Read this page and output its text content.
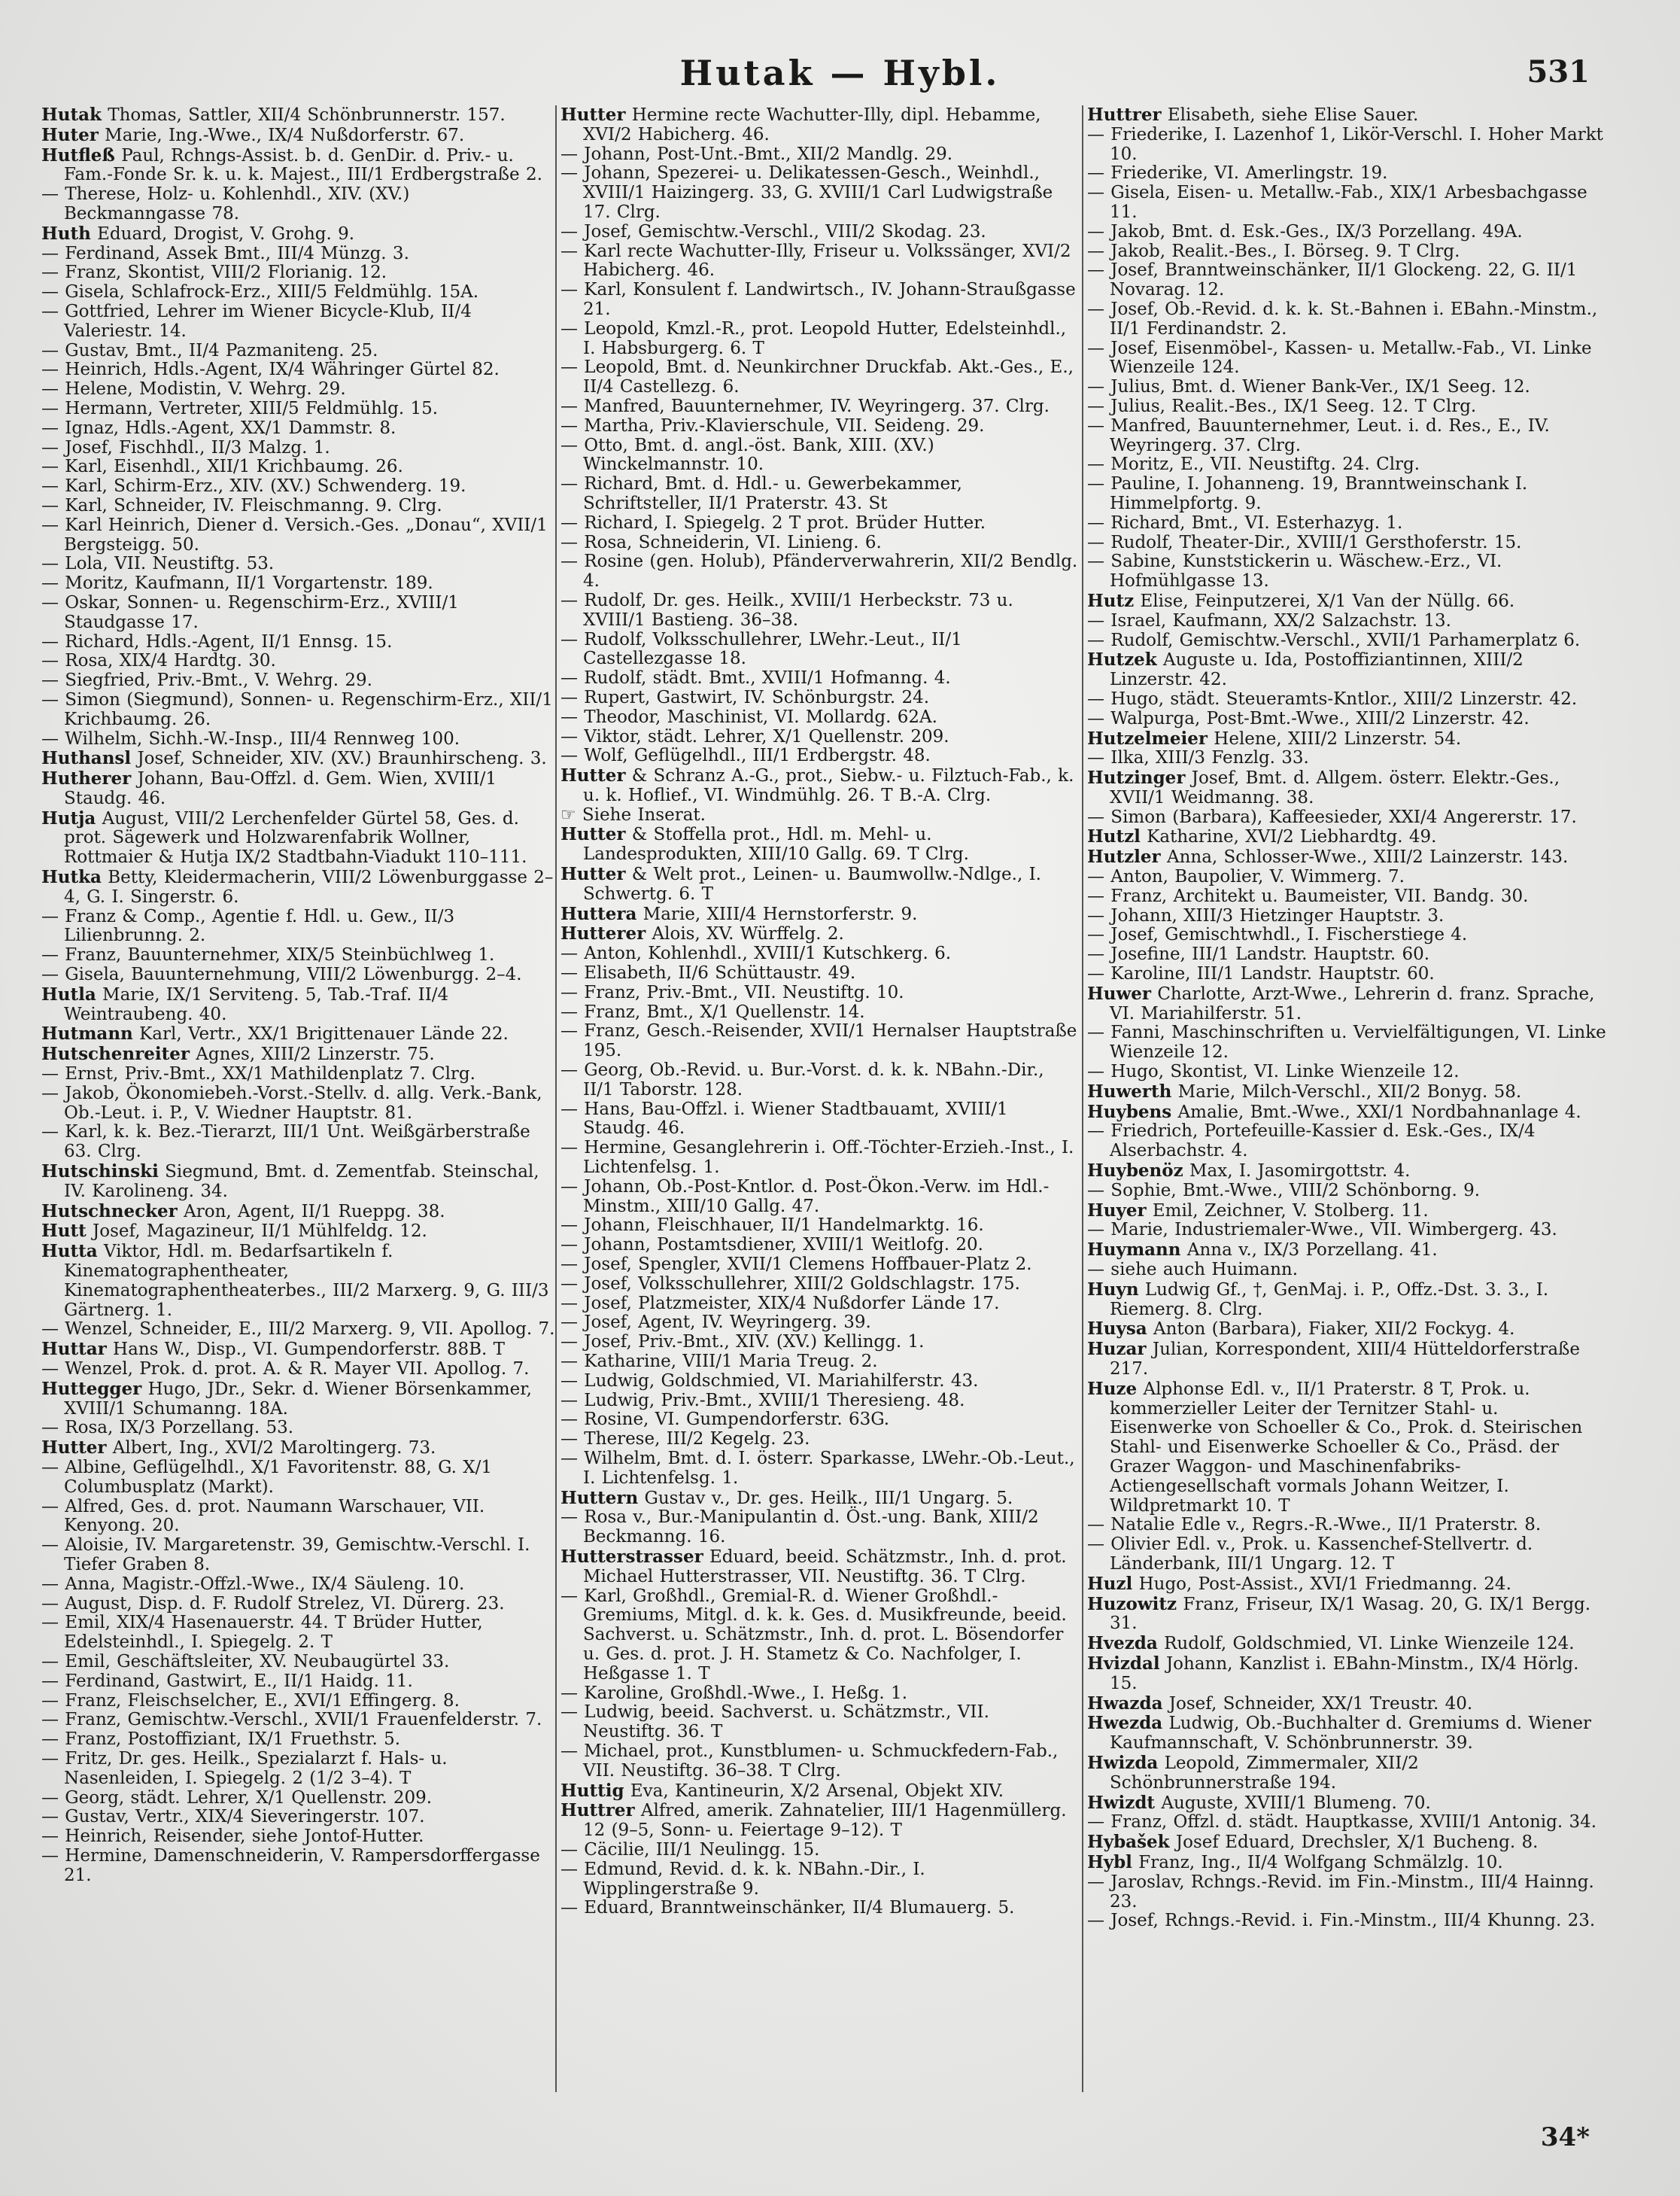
Hutak — Hybl.	531

Hutak Thomas, Sattler, XII/4 Schönbrunnerstr. 157.

Huter Marie, Ing.-Wwe., IX/4 Nußdorferstr. 67.

Hutfleß Paul, Rchngs-Assist. b. d. GenDir. d. Priv.- u. Fam.-Fonde Sr. k. u. k. Majest., III/1 Erdbergstraße 2.

— Therese, Holz- u. Kohlenhdl., XIV. (XV.) Beckmanngasse 78.

Huth Eduard, Drogist, V. Grohg. 9.

— Ferdinand, Assek Bmt., III/4 Münzg. 3.

— Franz, Skontist, VIII/2 Florianig. 12.

— Gisela, Schlafrock-Erz., XIII/5 Feldmühlg. 15A.

— Gottfried, Lehrer im Wiener Bicycle-Klub, II/4 Valeriestr. 14.

— Gustav, Bmt., II/4 Pazmaniteng. 25.

— Heinrich, Hdls.-Agent, IX/4 Währinger Gürtel 82.

— Helene, Modistin, V. Wehrg. 29.

— Hermann, Vertreter, XIII/5 Feldmühlg. 15.

— Ignaz, Hdls.-Agent, XX/1 Dammstr. 8.

— Josef, Fischhdl., II/3 Malzg. 1.

— Karl, Eisenhdl., XII/1 Krichbaumg. 26.

— Karl, Schirm-Erz., XIV. (XV.) Schwenderg. 19.

— Karl, Schneider, IV. Fleischmanng. 9. Clrg.

— Karl Heinrich, Diener d. Versich.-Ges. „Donau“, XVII/1 Bergsteigg. 50.

— Lola, VII. Neustiftg. 53.

— Moritz, Kaufmann, II/1 Vorgartenstr. 189.

— Oskar, Sonnen- u. Regenschirm-Erz., XVIII/1 Staudgasse 17.

— Richard, Hdls.-Agent, II/1 Ennsg. 15.

— Rosa, XIX/4 Hardtg. 30.

— Siegfried, Priv.-Bmt., V. Wehrg. 29.

— Simon (Siegmund), Sonnen- u. Regenschirm-Erz., XII/1 Krichbaumg. 26.

— Wilhelm, Sichh.-W.-Insp., III/4 Rennweg 100.

Huthansl Josef, Schneider, XIV. (XV.) Braunhirscheng. 3.

Hutherer Johann, Bau-Offzl. d. Gem. Wien, XVIII/1 Staudg. 46.

Hutja August, VIII/2 Lerchenfelder Gürtel 58, Ges. d. prot. Sägewerk und Holzwarenfabrik Wollner, Rottmaier & Hutja IX/2 Stadtbahn-Viadukt 110–111.

Hutka Betty, Kleidermacherin, VIII/2 Löwenburggasse 2–4, G. I. Singerstr. 6.

— Franz & Comp., Agentie f. Hdl. u. Gew., II/3 Lilienbrunng. 2.

— Franz, Bauunternehmer, XIX/5 Steinbüchlweg 1.

— Gisela, Bauunternehmung, VIII/2 Löwenburgg. 2–4.

Hutla Marie, IX/1 Serviteng. 5, Tab.-Traf. II/4 Weintraubeng. 40.

Hutmann Karl, Vertr., XX/1 Brigittenauer Lände 22.

Hutschenreiter Agnes, XIII/2 Linzerstr. 75.

— Ernst, Priv.-Bmt., XX/1 Mathildenplatz 7. Clrg.

— Jakob, Ökonomiebeh.-Vorst.-Stellv. d. allg. Verk.-Bank, Ob.-Leut. i. P., V. Wiedner Hauptstr. 81.

— Karl, k. k. Bez.-Tierarzt, III/1 Unt. Weißgärberstraße 63. Clrg.

Hutschinski Siegmund, Bmt. d. Zementfab. Steinschal, IV. Karolineng. 34.

Hutschnecker Aron, Agent, II/1 Rueppg. 38.

Hutt Josef, Magazineur, II/1 Mühlfeldg. 12.

Hutta Viktor, Hdl. m. Bedarfsartikeln f. Kinematographentheater, Kinematographentheaterbes., III/2 Marxerg. 9, G. III/3 Gärtnerg. 1.

— Wenzel, Schneider, E., III/2 Marxerg. 9, VII. Apollog. 7.

Huttar Hans W., Disp., VI. Gumpendorferstr. 88B. T

— Wenzel, Prok. d. prot. A. & R. Mayer VII. Apollog. 7.

Huttegger Hugo, JDr., Sekr. d. Wiener Börsenkammer, XVIII/1 Schumanng. 18A.

— Rosa, IX/3 Porzellang. 53.

Hutter Albert, Ing., XVI/2 Maroltingerg. 73.

— Albine, Geflügelhdl., X/1 Favoritenstr. 88, G. X/1 Columbusplatz (Markt).

— Alfred, Ges. d. prot. Naumann Warschauer, VII. Kenyong. 20.

— Aloisie, IV. Margaretenstr. 39, Gemischtw.-Verschl. I. Tiefer Graben 8.

— Anna, Magistr.-Offzl.-Wwe., IX/4 Säuleng. 10.

— August, Disp. d. F. Rudolf Strelez, VI. Dürerg. 23.

— Emil, XIX/4 Hasenauerstr. 44. T Brüder Hutter, Edelsteinhdl., I. Spiegelg. 2. T

— Emil, Geschäftsleiter, XV. Neubaugürtel 33.

— Ferdinand, Gastwirt, E., II/1 Haidg. 11.

— Franz, Fleischselcher, E., XVI/1 Effingerg. 8.

— Franz, Gemischtw.-Verschl., XVII/1 Frauenfelderstr. 7.

— Franz, Postoffiziant, IX/1 Fruethstr. 5.

— Fritz, Dr. ges. Heilk., Spezialarzt f. Hals- u. Nasenleiden, I. Spiegelg. 2 (1/2 3–4). T

— Georg, städt. Lehrer, X/1 Quellenstr. 209.

— Gustav, Vertr., XIX/4 Sieveringerstr. 107.

— Heinrich, Reisender, siehe Jontof-Hutter.

— Hermine, Damenschneiderin, V. Rampersdorffergasse 21.

Hutter Hermine recte Wachutter-Illy, dipl. Hebamme, XVI/2 Habicherg. 46.

— Johann, Post-Unt.-Bmt., XII/2 Mandlg. 29.

— Johann, Spezerei- u. Delikatessen-Gesch., Weinhdl., XVIII/1 Haizingerg. 33, G. XVIII/1 Carl Ludwigstraße 17. Clrg.

— Josef, Gemischtw.-Verschl., VIII/2 Skodag. 23.

— Karl recte Wachutter-Illy, Friseur u. Volkssänger, XVI/2 Habicherg. 46.

— Karl, Konsulent f. Landwirtsch., IV. Johann-Straußgasse 21.

— Leopold, Kmzl.-R., prot. Leopold Hutter, Edelsteinhdl., I. Habsburgerg. 6. T

— Leopold, Bmt. d. Neunkirchner Druckfab. Akt.-Ges., E., II/4 Castellezg. 6.

— Manfred, Bauunternehmer, IV. Weyringerg. 37. Clrg.

— Martha, Priv.-Klavierschule, VII. Seideng. 29.

— Otto, Bmt. d. angl.-öst. Bank, XIII. (XV.) Winckelmannstr. 10.

— Richard, Bmt. d. Hdl.- u. Gewerbekammer, Schriftsteller, II/1 Praterstr. 43. St

— Richard, I. Spiegelg. 2 T prot. Brüder Hutter.

— Rosa, Schneiderin, VI. Linieng. 6.

— Rosine (gen. Holub), Pfänderverwahrerin, XII/2 Bendlg. 4.

— Rudolf, Dr. ges. Heilk., XVIII/1 Herbeckstr. 73 u. XVIII/1 Bastieng. 36–38.

— Rudolf, Volksschullehrer, LWehr.-Leut., II/1 Castellezgasse 18.

— Rudolf, städt. Bmt., XVIII/1 Hofmanng. 4.

— Rupert, Gastwirt, IV. Schönburgstr. 24.

— Theodor, Maschinist, VI. Mollardg. 62A.

— Viktor, städt. Lehrer, X/1 Quellenstr. 209.

— Wolf, Geflügelhdl., III/1 Erdbergstr. 48.

Hutter & Schranz A.-G., prot., Siebw.- u. Filztuch-Fab., k. u. k. Hoflief., VI. Windmühlg. 26. T B.-A. Clrg.

☞ Siehe Inserat.

Hutter & Stoffella prot., Hdl. m. Mehl- u. Landesprodukten, XIII/10 Gallg. 69. T Clrg.

Hutter & Welt prot., Leinen- u. Baumwollw.-Ndlge., I. Schwertg. 6. T

Huttera Marie, XIII/4 Hernstorferstr. 9.

Hutterer Alois, XV. Würffelg. 2.

— Anton, Kohlenhdl., XVIII/1 Kutschkerg. 6.

— Elisabeth, II/6 Schüttaustr. 49.

— Franz, Priv.-Bmt., VII. Neustiftg. 10.

— Franz, Bmt., X/1 Quellenstr. 14.

— Franz, Gesch.-Reisender, XVII/1 Hernalser Hauptstraße 195.

— Georg, Ob.-Revid. u. Bur.-Vorst. d. k. k. NBahn.-Dir., II/1 Taborstr. 128.

— Hans, Bau-Offzl. i. Wiener Stadtbauamt, XVIII/1 Staudg. 46.

— Hermine, Gesanglehrerin i. Off.-Töchter-Erzieh.-Inst., I. Lichtenfelsg. 1.

— Johann, Ob.-Post-Kntlor. d. Post-Ökon.-Verw. im Hdl.-Minstm., XIII/10 Gallg. 47.

— Johann, Fleischhauer, II/1 Handelmarktg. 16.

— Johann, Postamtsdiener, XVIII/1 Weitlofg. 20.

— Josef, Spengler, XVII/1 Clemens Hoffbauer-Platz 2.

— Josef, Volksschullehrer, XIII/2 Goldschlagstr. 175.

— Josef, Platzmeister, XIX/4 Nußdorfer Lände 17.

— Josef, Agent, IV. Weyringerg. 39.

— Josef, Priv.-Bmt., XIV. (XV.) Kellingg. 1.

— Katharine, VIII/1 Maria Treug. 2.

— Ludwig, Goldschmied, VI. Mariahilferstr. 43.

— Ludwig, Priv.-Bmt., XVIII/1 Theresieng. 48.

— Rosine, VI. Gumpendorferstr. 63G.

— Therese, III/2 Kegelg. 23.

— Wilhelm, Bmt. d. I. österr. Sparkasse, LWehr.-Ob.-Leut., I. Lichtenfelsg. 1.

Huttern Gustav v., Dr. ges. Heilk., III/1 Ungarg. 5.

— Rosa v., Bur.-Manipulantin d. Öst.-ung. Bank, XIII/2 Beckmanng. 16.

Hutterstrasser Eduard, beeid. Schätzmstr., Inh. d. prot. Michael Hutterstrasser, VII. Neustiftg. 36. T Clrg.

— Karl, Großhdl., Gremial-R. d. Wiener Großhdl.-Gremiums, Mitgl. d. k. k. Ges. d. Musikfreunde, beeid. Sachverst. u. Schätzmstr., Inh. d. prot. L. Bösendorfer u. Ges. d. prot. J. H. Stametz & Co. Nachfolger, I. Heßgasse 1. T

— Karoline, Großhdl.-Wwe., I. Heßg. 1.

— Ludwig, beeid. Sachverst. u. Schätzmstr., VII. Neustiftg. 36. T

— Michael, prot., Kunstblumen- u. Schmuckfedern-Fab., VII. Neustiftg. 36–38. T Clrg.

Huttig Eva, Kantineurin, X/2 Arsenal, Objekt XIV.

Huttrer Alfred, amerik. Zahnatelier, III/1 Hagenmüllerg. 12 (9–5, Sonn- u. Feiertage 9–12). T

— Cäcilie, III/1 Neulingg. 15.

— Edmund, Revid. d. k. k. NBahn.-Dir., I. Wipplingerstraße 9.

— Eduard, Branntweinschänker, II/4 Blumauerg. 5.

Huttrer Elisabeth, siehe Elise Sauer.

— Friederike, I. Lazenhof 1, Likör-Verschl. I. Hoher Markt 10.

— Friederike, VI. Amerlingstr. 19.

— Gisela, Eisen- u. Metallw.-Fab., XIX/1 Arbesbachgasse 11.

— Jakob, Bmt. d. Esk.-Ges., IX/3 Porzellang. 49A.

— Jakob, Realit.-Bes., I. Börseg. 9. T Clrg.

— Josef, Branntweinschänker, II/1 Glockeng. 22, G. II/1 Novarag. 12.

— Josef, Ob.-Revid. d. k. k. St.-Bahnen i. EBahn.-Minstm., II/1 Ferdinandstr. 2.

— Josef, Eisenmöbel-, Kassen- u. Metallw.-Fab., VI. Linke Wienzeile 124.

— Julius, Bmt. d. Wiener Bank-Ver., IX/1 Seeg. 12.

— Julius, Realit.-Bes., IX/1 Seeg. 12. T Clrg.

— Manfred, Bauunternehmer, Leut. i. d. Res., E., IV. Weyringerg. 37. Clrg.

— Moritz, E., VII. Neustiftg. 24. Clrg.

— Pauline, I. Johanneng. 19, Branntweinschank I. Himmelpfortg. 9.

— Richard, Bmt., VI. Esterhazyg. 1.

— Rudolf, Theater-Dir., XVIII/1 Gersthoferstr. 15.

— Sabine, Kunststickerin u. Wäschew.-Erz., VI. Hofmühlgasse 13.

Hutz Elise, Feinputzerei, X/1 Van der Nüllg. 66.

— Israel, Kaufmann, XX/2 Salzachstr. 13.

— Rudolf, Gemischtw.-Verschl., XVII/1 Parhamerplatz 6.

Hutzek Auguste u. Ida, Postoffiziantinnen, XIII/2 Linzerstr. 42.

— Hugo, städt. Steueramts-Kntlor., XIII/2 Linzerstr. 42.

— Walpurga, Post-Bmt.-Wwe., XIII/2 Linzerstr. 42.

Hutzelmeier Helene, XIII/2 Linzerstr. 54.

— Ilka, XIII/3 Fenzlg. 33.

Hutzinger Josef, Bmt. d. Allgem. österr. Elektr.-Ges., XVII/1 Weidmanng. 38.

— Simon (Barbara), Kaffeesieder, XXI/4 Angererstr. 17.

Hutzl Katharine, XVI/2 Liebhardtg. 49.

Hutzler Anna, Schlosser-Wwe., XIII/2 Lainzerstr. 143.

— Anton, Baupolier, V. Wimmerg. 7.

— Franz, Architekt u. Baumeister, VII. Bandg. 30.

— Johann, XIII/3 Hietzinger Hauptstr. 3.

— Josef, Gemischtwhdl., I. Fischerstiege 4.

— Josefine, III/1 Landstr. Hauptstr. 60.

— Karoline, III/1 Landstr. Hauptstr. 60.

Huwer Charlotte, Arzt-Wwe., Lehrerin d. franz. Sprache, VI. Mariahilferstr. 51.

— Fanni, Maschinschriften u. Vervielfältigungen, VI. Linke Wienzeile 12.

— Hugo, Skontist, VI. Linke Wienzeile 12.

Huwerth Marie, Milch-Verschl., XII/2 Bonyg. 58.

Huybens Amalie, Bmt.-Wwe., XXI/1 Nordbahnanlage 4.

— Friedrich, Portefeuille-Kassier d. Esk.-Ges., IX/4 Alserbachstr. 4.

Huybenöz Max, I. Jasomirgottstr. 4.

— Sophie, Bmt.-Wwe., VIII/2 Schönborng. 9.

Huyer Emil, Zeichner, V. Stolberg. 11.

— Marie, Industriemaler-Wwe., VII. Wimbergerg. 43.

Huymann Anna v., IX/3 Porzellang. 41.

— siehe auch Huimann.

Huyn Ludwig Gf., †, GenMaj. i. P., Offz.-Dst. 3. 3., I. Riemerg. 8. Clrg.

Huysa Anton (Barbara), Fiaker, XII/2 Fockyg. 4.

Huzar Julian, Korrespondent, XIII/4 Hütteldorferstraße 217.

Huze Alphonse Edl. v., II/1 Praterstr. 8 T, Prok. u. kommerzieller Leiter der Ternitzer Stahl- u. Eisenwerke von Schoeller & Co., Prok. d. Steirischen Stahl- und Eisenwerke Schoeller & Co., Präsd. der Grazer Waggon- und Maschinenfabriks-Actiengesellschaft vormals Johann Weitzer, I. Wildpretmarkt 10. T

— Natalie Edle v., Regrs.-R.-Wwe., II/1 Praterstr. 8.

— Olivier Edl. v., Prok. u. Kassenchef-Stellvertr. d. Länderbank, III/1 Ungarg. 12. T

Huzl Hugo, Post-Assist., XVI/1 Friedmanng. 24.

Huzowitz Franz, Friseur, IX/1 Wasag. 20, G. IX/1 Bergg. 31.

Hvezda Rudolf, Goldschmied, VI. Linke Wienzeile 124.

Hvizdal Johann, Kanzlist i. EBahn-Minstm., IX/4 Hörlg. 15.

Hwazda Josef, Schneider, XX/1 Treustr. 40.

Hwezda Ludwig, Ob.-Buchhalter d. Gremiums d. Wiener Kaufmannschaft, V. Schönbrunnerstr. 39.

Hwizda Leopold, Zimmermaler, XII/2 Schönbrunnerstraße 194.

Hwizdt Auguste, XVIII/1 Blumeng. 70.

— Franz, Offzl. d. städt. Hauptkasse, XVIII/1 Antonig. 34.

Hybašek Josef Eduard, Drechsler, X/1 Bucheng. 8.

Hybl Franz, Ing., II/4 Wolfgang Schmälzlg. 10.

— Jaroslav, Rchngs.-Revid. im Fin.-Minstm., III/4 Hainng. 23.

— Josef, Rchngs.-Revid. i. Fin.-Minstm., III/4 Khunng. 23.

34*
